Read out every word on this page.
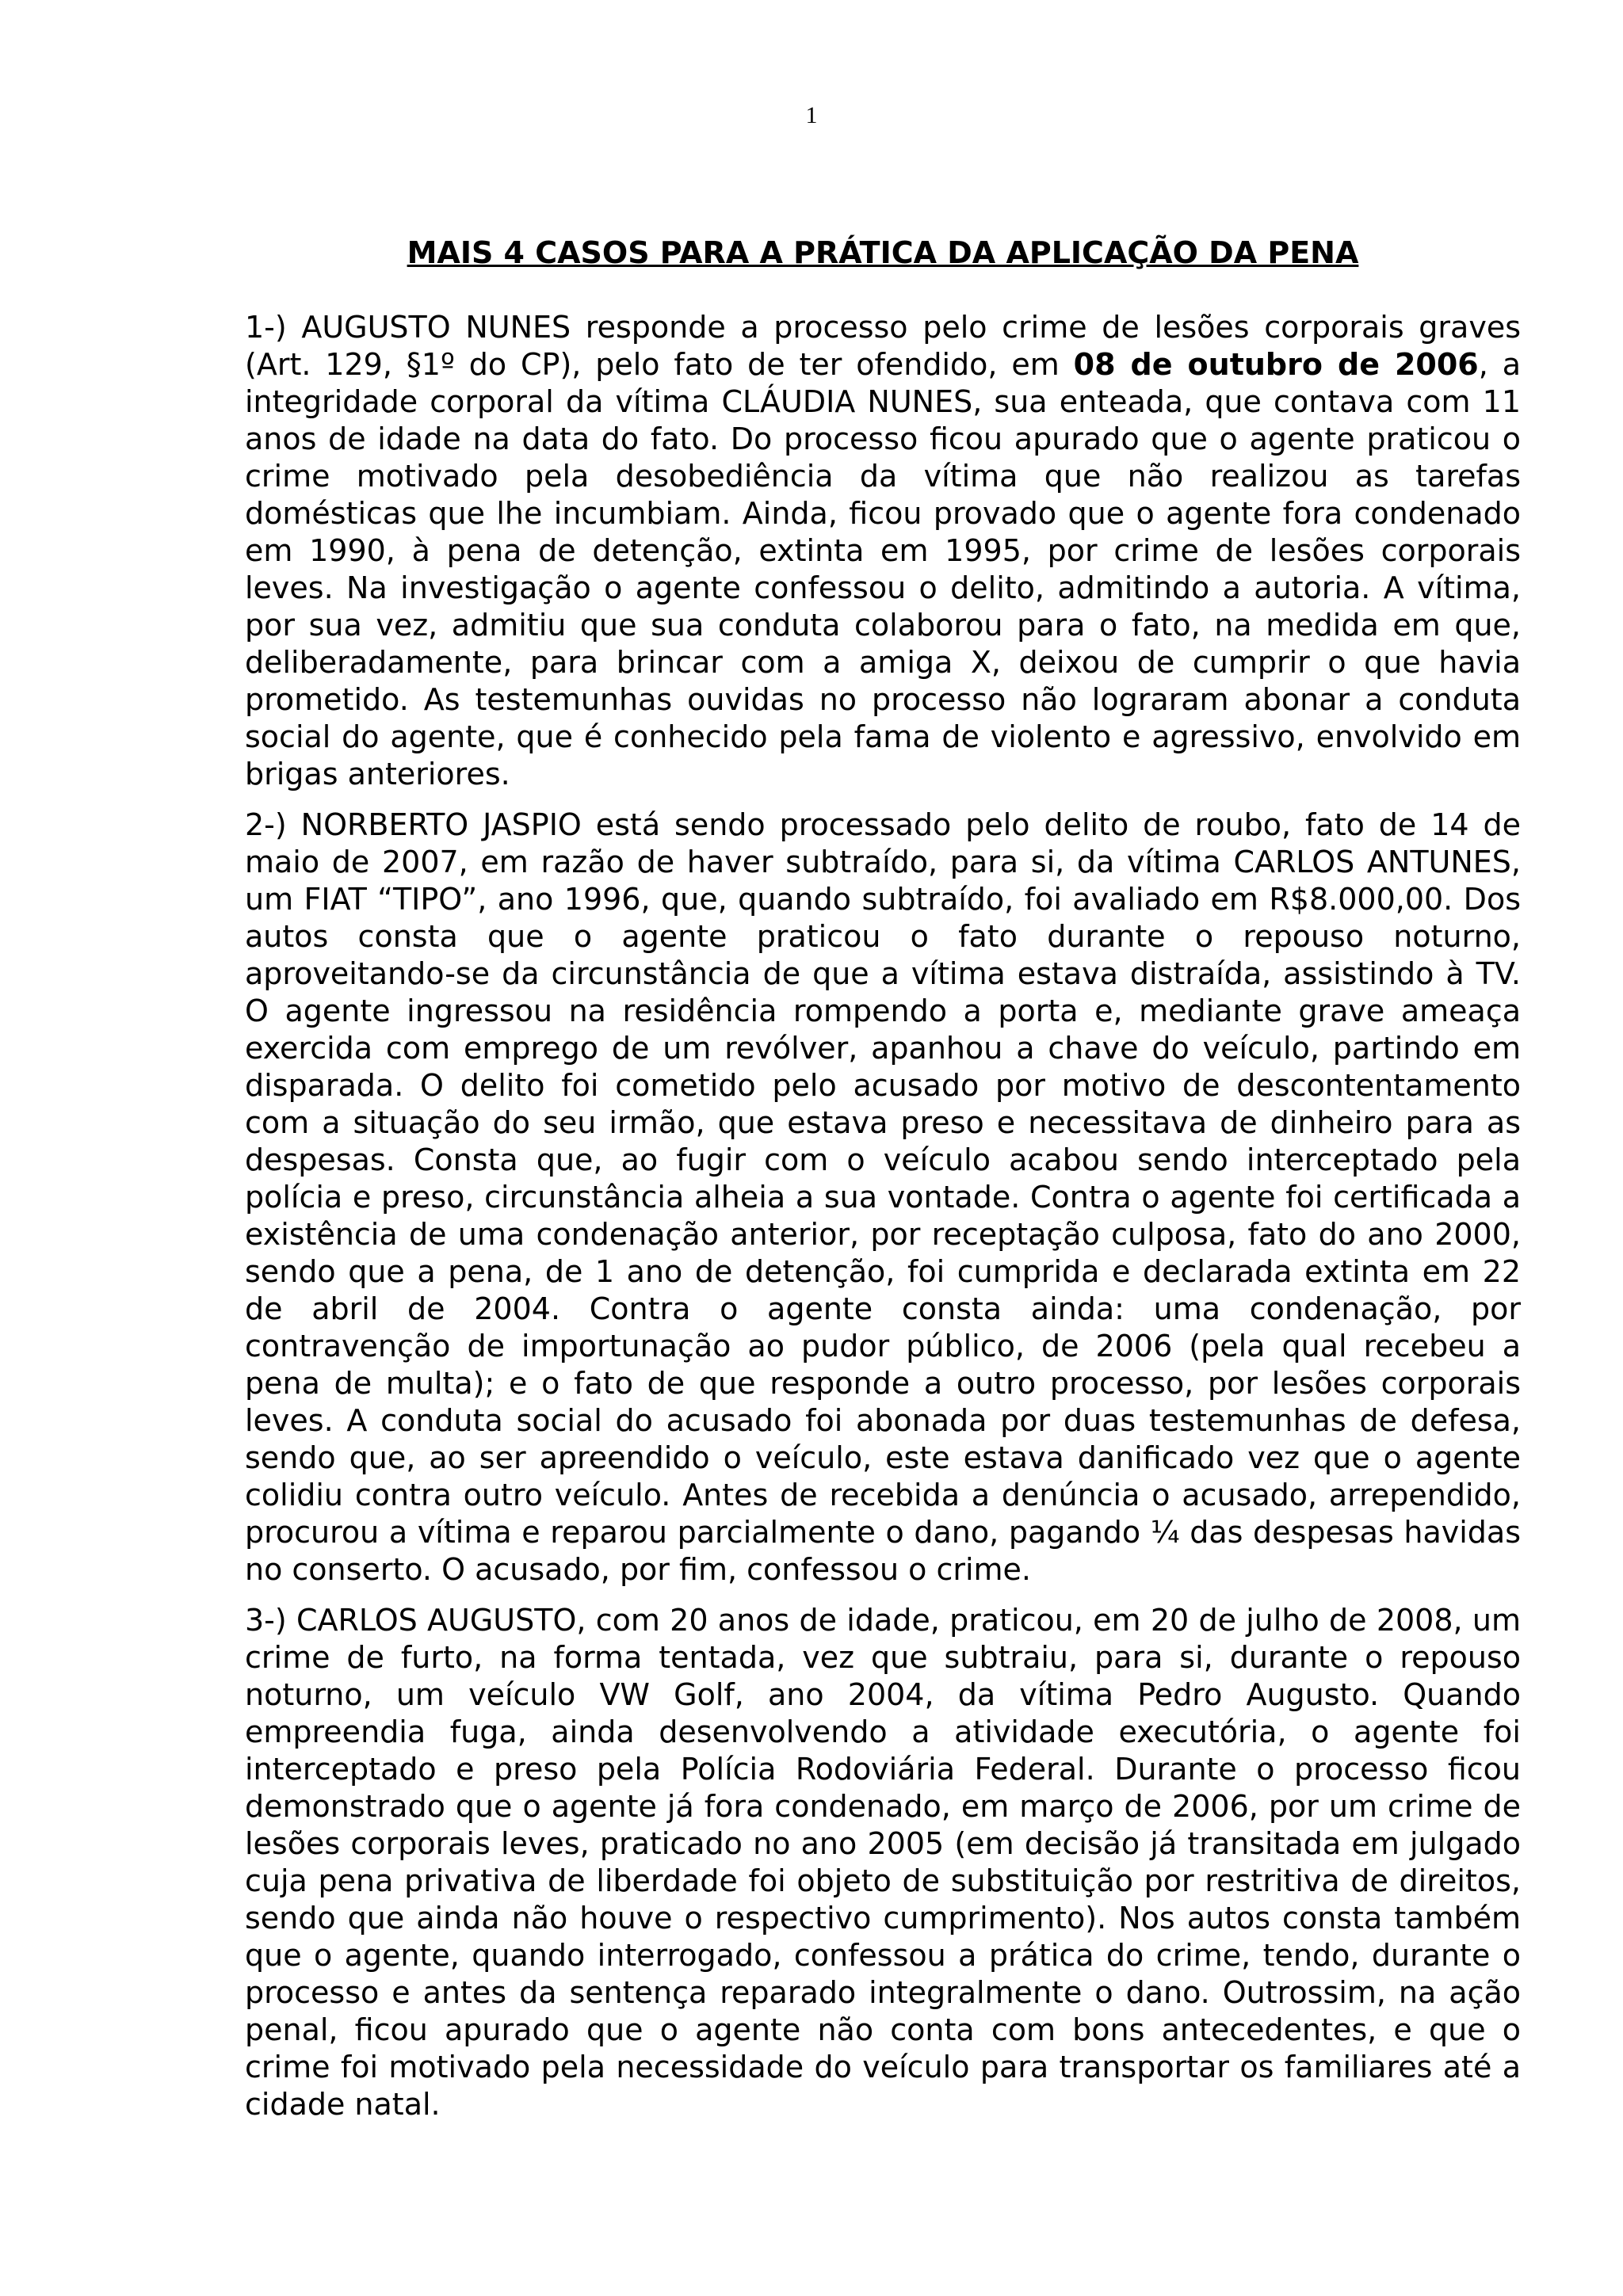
1

MAIS 4 CASOS PARA A PRÁTICA DA APLICAÇÃO DA PENA

1-) AUGUSTO NUNES responde a processo pelo crime de lesões corporais graves (Art. 129, §1º do CP), pelo fato de ter ofendido, em 08 de outubro de 2006, a integridade corporal da vítima CLÁUDIA NUNES, sua enteada, que contava com 11 anos de idade na data do fato. Do processo ficou apurado que o agente praticou o crime motivado pela desobediência da vítima que não realizou as tarefas domésticas que lhe incumbiam. Ainda, ficou provado que o agente fora condenado em 1990, à pena de detenção, extinta em 1995, por crime de lesões corporais leves. Na investigação o agente confessou o delito, admitindo a autoria. A vítima, por sua vez, admitiu que sua conduta colaborou para o fato, na medida em que, deliberadamente, para brincar com a amiga X, deixou de cumprir o que havia prometido. As testemunhas ouvidas no processo não lograram abonar a conduta social do agente, que é conhecido pela fama de violento e agressivo, envolvido em brigas anteriores.

2-) NORBERTO JASPIO está sendo processado pelo delito de roubo, fato de 14 de maio de 2007, em razão de haver subtraído, para si, da vítima CARLOS ANTUNES, um FIAT “TIPO”, ano 1996, que, quando subtraído, foi avaliado em R$8.000,00. Dos autos consta que o agente praticou o fato durante o repouso noturno, aproveitando-se da circunstância de que a vítima estava distraída, assistindo à TV. O agente ingressou na residência rompendo a porta e, mediante grave ameaça exercida com emprego de um revólver, apanhou a chave do veículo, partindo em disparada. O delito foi cometido pelo acusado por motivo de descontentamento com a situação do seu irmão, que estava preso e necessitava de dinheiro para as despesas. Consta que, ao fugir com o veículo acabou sendo interceptado pela polícia e preso, circunstância alheia a sua vontade. Contra o agente foi certificada a existência de uma condenação anterior, por receptação culposa, fato do ano 2000, sendo que a pena, de 1 ano de detenção, foi cumprida e declarada extinta em 22 de abril de 2004. Contra o agente consta ainda: uma condenação, por contravenção de importunação ao pudor público, de 2006 (pela qual recebeu a pena de multa); e o fato de que responde a outro processo, por lesões corporais leves. A conduta social do acusado foi abonada por duas testemunhas de defesa, sendo que, ao ser apreendido o veículo, este estava danificado vez que o agente colidiu contra outro veículo. Antes de recebida a denúncia o acusado, arrependido, procurou a vítima e reparou parcialmente o dano, pagando ¼ das despesas havidas no conserto. O acusado, por fim, confessou o crime.

3-) CARLOS AUGUSTO, com 20 anos de idade, praticou, em 20 de julho de 2008, um crime de furto, na forma tentada, vez que subtraiu, para si, durante o repouso noturno, um veículo VW Golf, ano 2004, da vítima Pedro Augusto. Quando empreendia fuga, ainda desenvolvendo a atividade executória, o agente foi interceptado e preso pela Polícia Rodoviária Federal. Durante o processo ficou demonstrado que o agente já fora condenado, em março de 2006, por um crime de lesões corporais leves, praticado no ano 2005 (em decisão já transitada em julgado cuja pena privativa de liberdade foi objeto de substituição por restritiva de direitos, sendo que ainda não houve o respectivo cumprimento). Nos autos consta também que o agente, quando interrogado, confessou a prática do crime, tendo, durante o processo e antes da sentença reparado integralmente o dano. Outrossim, na ação penal, ficou apurado que o agente não conta com bons antecedentes, e que o crime foi motivado pela necessidade do veículo para transportar os familiares até a cidade natal.
